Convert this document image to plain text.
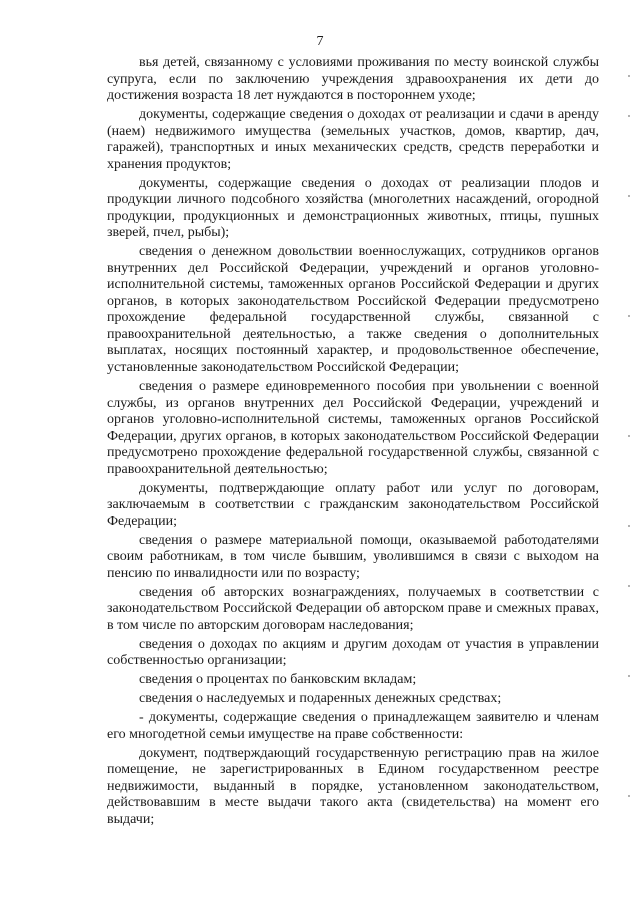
7

вья детей, связанному с условиями проживания по месту воинской службы супруга, если по заключению учреждения здравоохранения их дети до достижения возраста 18 лет нуждаются в постороннем уходе;

документы, содержащие сведения о доходах от реализации и сдачи в аренду (наем) недвижимого имущества (земельных участков, домов, квартир, дач, гаражей), транспортных и иных механических средств, средств переработки и хранения продуктов;

документы, содержащие сведения о доходах от реализации плодов и продукции личного подсобного хозяйства (многолетних насаждений, огородной продукции, продукционных и демонстрационных животных, птицы, пушных зверей, пчел, рыбы);

сведения о денежном довольствии военнослужащих, сотрудников органов внутренних дел Российской Федерации, учреждений и органов уголовно-исполнительной системы, таможенных органов Российской Федерации и других органов, в которых законодательством Российской Федерации предусмотрено прохождение федеральной государственной службы, связанной с правоохранительной деятельностью, а также сведения о дополнительных выплатах, носящих постоянный характер, и продовольственное обеспечение, установленные законодательством Российской Федерации;

сведения о размере единовременного пособия при увольнении с военной службы, из органов внутренних дел Российской Федерации, учреждений и органов уголовно-исполнительной системы, таможенных органов Российской Федерации, других органов, в которых законодательством Российской Федерации предусмотрено прохождение федеральной государственной службы, связанной с правоохранительной деятельностью;

документы, подтверждающие оплату работ или услуг по договорам, заключаемым в соответствии с гражданским законодательством Российской Федерации;

сведения о размере материальной помощи, оказываемой работодателями своим работникам, в том числе бывшим, уволившимся в связи с выходом на пенсию по инвалидности или по возрасту;

сведения об авторских вознаграждениях, получаемых в соответствии с законодательством Российской Федерации об авторском праве и смежных правах, в том числе по авторским договорам наследования;

сведения о доходах по акциям и другим доходам от участия в управлении собственностью организации;

сведения о процентах по банковским вкладам;

сведения о наследуемых и подаренных денежных средствах;

- документы, содержащие сведения о принадлежащем заявителю и членам его многодетной семьи имуществе на праве собственности:

документ, подтверждающий государственную регистрацию прав на жилое помещение, не зарегистрированных в Едином государственном реестре недвижимости, выданный в порядке, установленном законодательством, действовавшим в месте выдачи такого акта (свидетельства) на момент его выдачи;
